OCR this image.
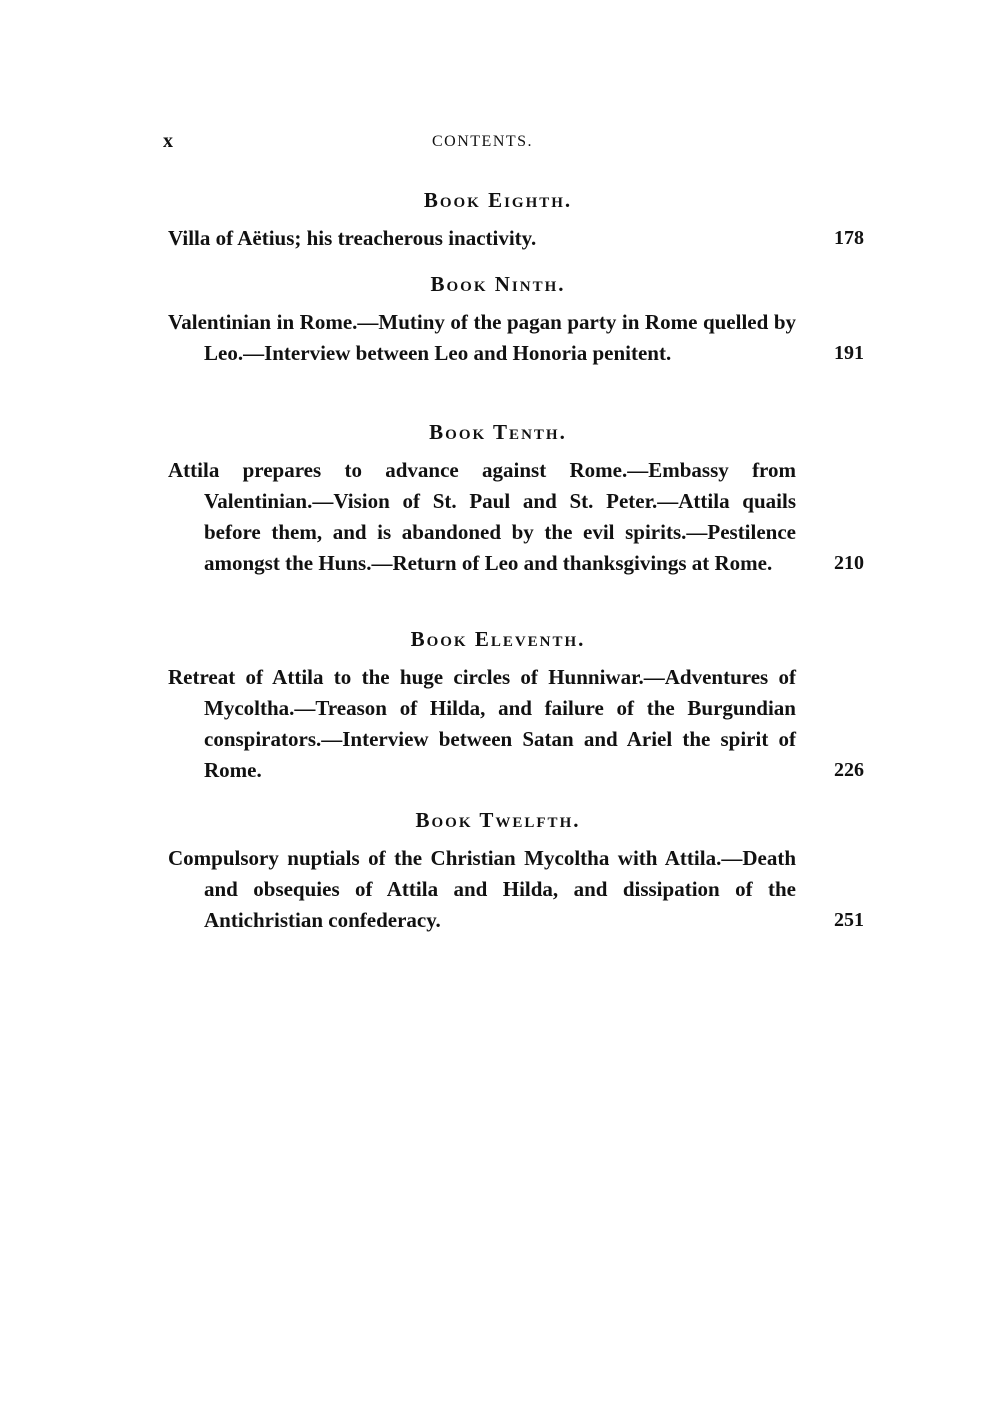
x	CONTENTS.
Book Eighth.
Villa of Aëtius; his treacherous inactivity.	178
Book Ninth.
Valentinian in Rome.—Mutiny of the pagan party in Rome quelled by Leo.—Interview between Leo and Honoria penitent.	191
Book Tenth.
Attila prepares to advance against Rome.—Embassy from Valentinian.—Vision of St. Paul and St. Peter.—Attila quails before them, and is abandoned by the evil spirits.—Pestilence amongst the Huns.—Return of Leo and thanksgivings at Rome.	210
Book Eleventh.
Retreat of Attila to the huge circles of Hunniwar.—Adventures of Mycoltha.—Treason of Hilda, and failure of the Burgundian conspirators.—Interview between Satan and Ariel the spirit of Rome.	226
Book Twelfth.
Compulsory nuptials of the Christian Mycoltha with Attila.—Death and obsequies of Attila and Hilda, and dissipation of the Antichristian confederacy.	251
